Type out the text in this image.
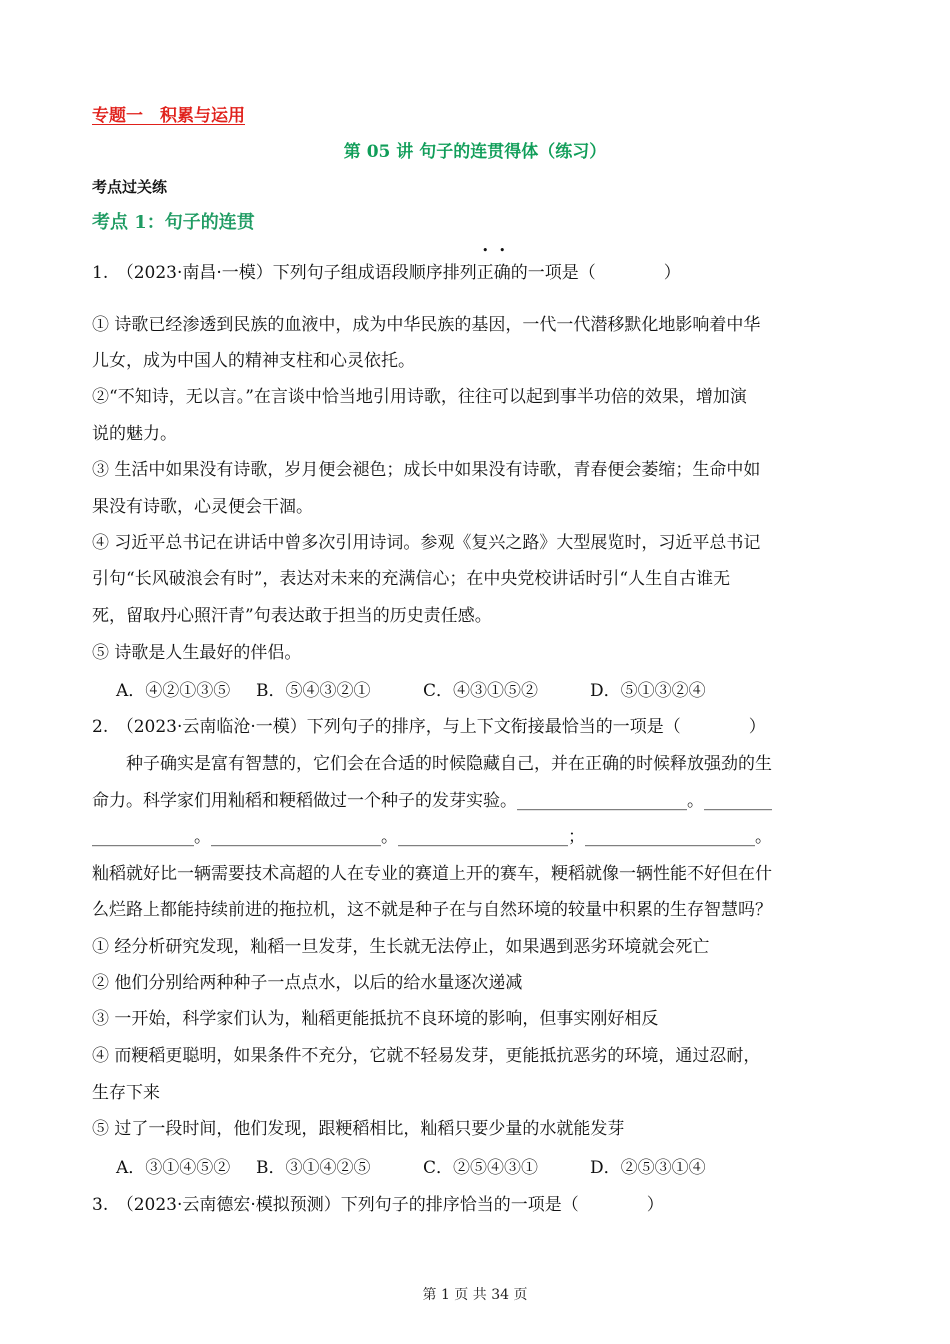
专题一　积累与运用
第 05 讲 句子的连贯得体（练习）
考点过关练
考点 1：句子的连贯
1.　（2023·南昌·一模）下列句子组成语段顺序排列正确的一项是（　　　　）
① 诗歌已经渗透到民族的血液中，成为中华民族的基因，一代一代潜移默化地影响着中华
儿女，成为中国人的精神支柱和心灵依托。
②“不知诗，无以言。”在言谈中恰当地引用诗歌，往往可以起到事半功倍的效果，增加演
说的魅力。
③ 生活中如果没有诗歌，岁月便会褪色；成长中如果没有诗歌，青春便会萎缩；生命中如
果没有诗歌，心灵便会干涸。
④ 习近平总书记在讲话中曾多次引用诗词。参观《复兴之路》大型展览时，习近平总书记
引句“长风破浪会有时”，表达对未来的充满信心；在中央党校讲话时引“人生自古谁无
死，留取丹心照汗青”句表达敢于担当的历史责任感。
⑤ 诗歌是人生最好的伴侣。
A．④②①③⑤ B．⑤④③②①	C．④③①⑤②	D．⑤①③②④
2.　（2023·云南临沧·一模）下列句子的排序，与上下文衔接最恰当的一项是（　　　　）
　　种子确实是富有智慧的，它们会在合适的时候隐藏自己，并在正确的时候释放强劲的生
命力。科学家们用籼稻和粳稻做过一个种子的发芽实验。____________________。________
____________。____________________。____________________；____________________。
籼稻就好比一辆需要技术高超的人在专业的赛道上开的赛车，粳稻就像一辆性能不好但在什
么烂路上都能持续前进的拖拉机，这不就是种子在与自然环境的较量中积累的生存智慧吗？
① 经分析研究发现，籼稻一旦发芽，生长就无法停止，如果遇到恶劣环境就会死亡
② 他们分别给两种种子一点点水，以后的给水量逐次递减
③ 一开始，科学家们认为，籼稻更能抵抗不良环境的影响，但事实刚好相反
④ 而粳稻更聪明，如果条件不充分，它就不轻易发芽，更能抵抗恶劣的环境，通过忍耐，
生存下来
⑤ 过了一段时间，他们发现，跟粳稻相比，籼稻只要少量的水就能发芽
A．③①④⑤② B．③①④②⑤	C．②⑤④③①	D．②⑤③①④
3.　（2023·云南德宏·模拟预测）下列句子的排序恰当的一项是（　　　　）
第 1 页 共 34 页
